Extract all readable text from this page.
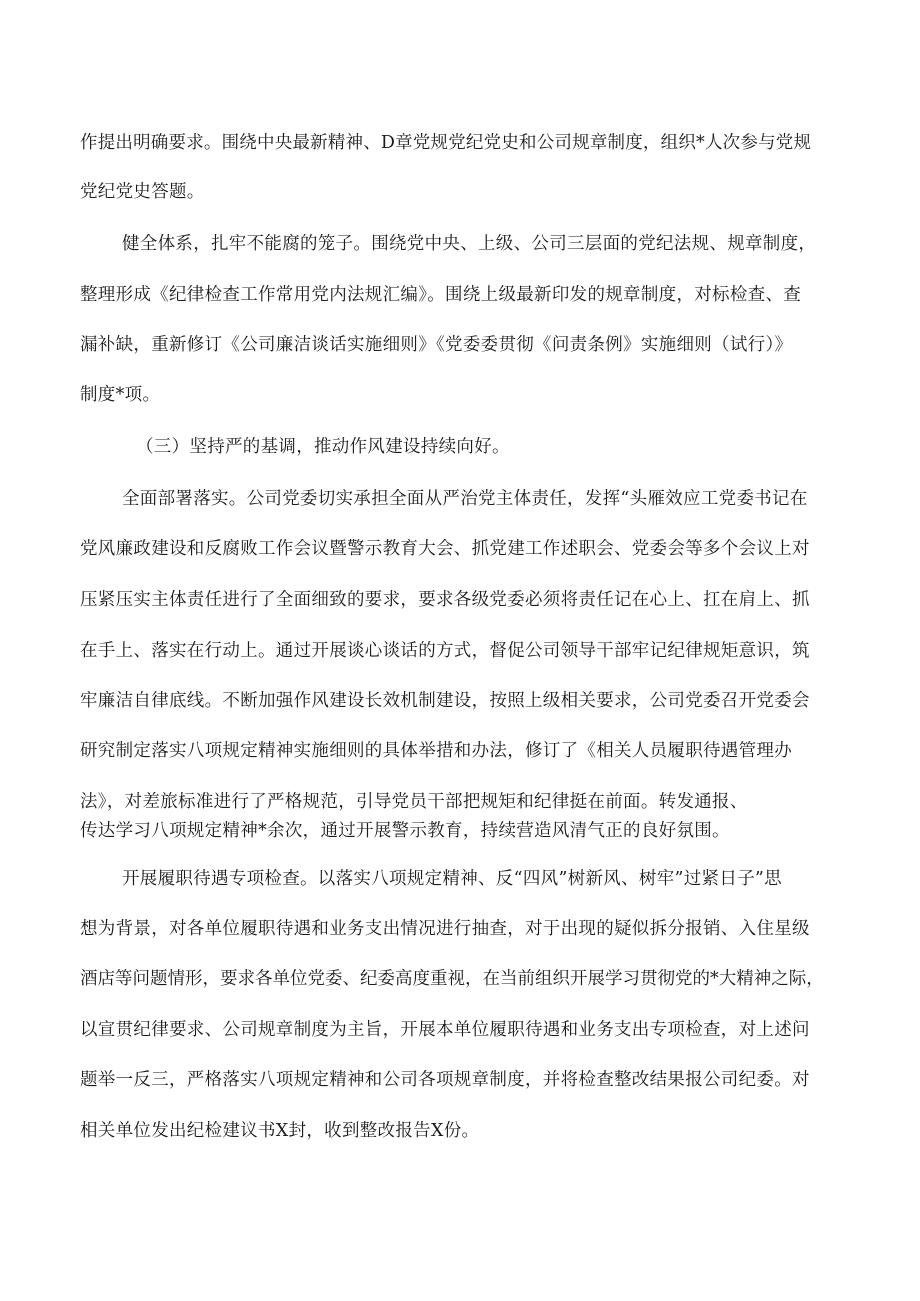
作提出明确要求。围绕中央最新精神、D章党规党纪党史和公司规章制度，组织*人次参与党规
党纪党史答题。
健全体系，扎牢不能腐的笼子。围绕党中央、上级、公司三层面的党纪法规、规章制度，
整理形成《纪律检查工作常用党内法规汇编》。围绕上级最新印发的规章制度，对标检查、查
漏补缺，重新修订《公司廉洁谈话实施细则》《党委委贯彻《问责条例》实施细则（试行）》
制度*项。
（三）坚持严的基调，推动作风建设持续向好。
全面部署落实。公司党委切实承担全面从严治党主体责任，发挥“头雁效应工党委书记在
党风廉政建设和反腐败工作会议暨警示教育大会、抓党建工作述职会、党委会等多个会议上对
压紧压实主体责任进行了全面细致的要求，要求各级党委必须将责任记在心上、扛在肩上、抓
在手上、落实在行动上。通过开展谈心谈话的方式，督促公司领导干部牢记纪律规矩意识，筑
牢廉洁自律底线。不断加强作风建设长效机制建设，按照上级相关要求，公司党委召开党委会
研究制定落实八项规定精神实施细则的具体举措和办法，修订了《相关人员履职待遇管理办
法》，对差旅标准进行了严格规范，引导党员干部把规矩和纪律挺在前面。转发通报、
传达学习八项规定精神*余次，通过开展警示教育，持续营造风清气正的良好氛围。
开展履职待遇专项检查。以落实八项规定精神、反“四风”树新风、树牢”过紧日子”思
想为背景，对各单位履职待遇和业务支出情况进行抽查，对于出现的疑似拆分报销、入住星级
酒店等问题情形，要求各单位党委、纪委高度重视，在当前组织开展学习贯彻党的*大精神之际，
以宣贯纪律要求、公司规章制度为主旨，开展本单位履职待遇和业务支出专项检查，对上述问
题举一反三，严格落实八项规定精神和公司各项规章制度，并将检查整改结果报公司纪委。对
相关单位发出纪检建议书X封，收到整改报告X份。
